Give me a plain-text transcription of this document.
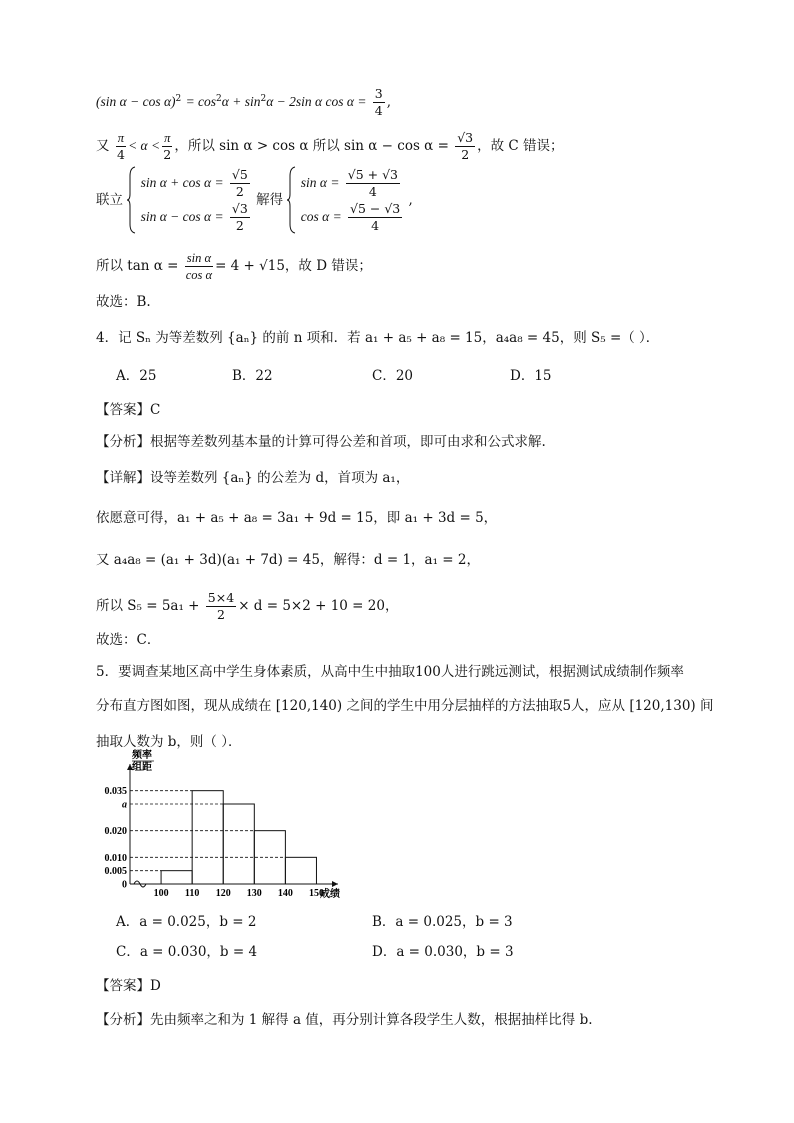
(sin $\alpha - \cos \alpha)^2 = \cos^2\alpha + \sin^2\alpha - 2\sin$ α $\cos \alpha = \frac{3}{4}$ ,
又 $\frac{\pi}{4} < \alpha < \frac{\pi}{2}$ ，所以 sin α > cos α 所以 $\sin \alpha - \cos \alpha = \frac{√3}{2}$ ，故 C 错误；
联立
$\sin \alpha + \cos \alpha = \frac{√5}{2}$
$\sin \alpha - \cos \alpha = \frac{√3}{2}$
解得
$\sin \alpha = \frac{√5 + √3}{4}$
$\cos \alpha = \frac{√5 - √3}{4}$
,
所以 $\tan \alpha = \frac{\text{sin α}}{\text{cos α}} = 4 + √15$，故 D 错误；
故选：B.
4．记 Sₙ 为等差数列 {aₙ} 的前 n 项和．若 a₁ + a₅ + a₈ = 15，a₄a₈ = 45，则 S₅ =（ ）．
A．25	B．22	C．20	D．15
【答案】C
【分析】根据等差数列基本量的计算可得公差和首项，即可由求和公式求解.
【详解】设等差数列 {aₙ} 的公差为 d，首项为 a₁，
依愿意可得，a₁ + a₅ + a₈ = 3a₁ + 9d = 15，即 a₁ + 3d = 5，
又 a₄a₈ = (a₁ + 3d)(a₁ + 7d) = 45，解得：d = 1，a₁ = 2，
所以 $S_5 = 5a_1 + \frac{5\times 4}{2} \times d = 5\times 2 + 10 = 20$，
故选：C．
5．要调查某地区高中学生身体素质，从高中生中抽取100人进行跳远测试，根据测试成绩制作频率
分布直方图如图，现从成绩在 [120,140) 之间的学生中用分层抽样的方法抽取5人，应从 [120,130) 间
抽取人数为 b，则（ ）．
频率
组距
0.035
a
0.020
0.010
0.005
0
100 110 120 130 140 150
成绩
A．a = 0.025，b = 2	B．a = 0.025，b = 3
C．a = 0.030，b = 4	D．a = 0.030，b = 3
【答案】D
【分析】先由频率之和为 1 解得 a 值，再分别计算各段学生人数，根据抽样比得 b.
